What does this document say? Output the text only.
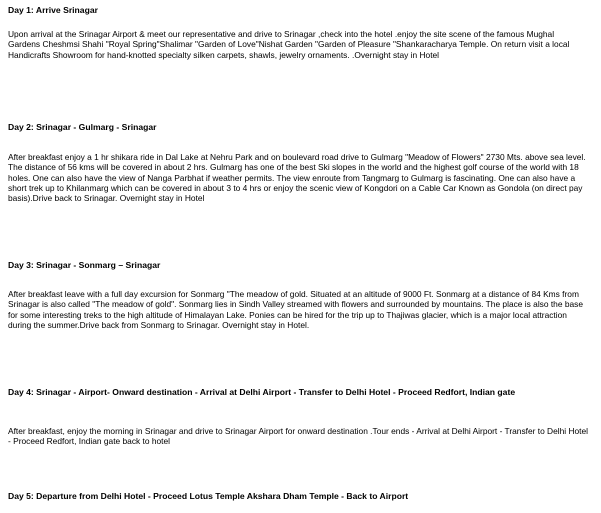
Day 1: Arrive Srinagar
Upon arrival at the Srinagar Airport & meet our representative and drive to Srinagar ,check into the hotel .enjoy the site scene of the famous Mughal Gardens Cheshmsi Shahi "Royal Spring"Shalimar "Garden of Love"Nishat Garden "Garden of Pleasure "Shankaracharya Temple. On return visit a local Handicrafts Showroom for hand-knotted specialty silken carpets, shawls, jewelry ornaments. .Overnight stay in Hotel
Day 2: Srinagar - Gulmarg - Srinagar
After breakfast enjoy a 1 hr shikara ride in Dal Lake at Nehru Park and on boulevard road drive to Gulmarg "Meadow of Flowers" 2730 Mts. above sea level. The distance of 56 kms will be covered in about 2 hrs. Gulmarg has one of the best Ski slopes in the world and the highest golf course of the world with 18 holes. One can also have the view of Nanga Parbhat if weather permits. The view enroute from Tangmarg to Gulmarg is fascinating. One can also have a short trek up to Khilanmarg which can be covered in about 3 to 4 hrs or enjoy the scenic view of Kongdori on a Cable Car Known as Gondola (on direct pay basis).Drive back to Srinagar. Overnight stay in Hotel
Day 3: Srinagar - Sonmarg – Srinagar
After breakfast leave with a full day excursion for Sonmarg "The meadow of gold. Situated at an altitude of 9000 Ft. Sonmarg at a distance of 84 Kms from Srinagar is also called "The meadow of gold". Sonmarg lies in Sindh Valley streamed with flowers and surrounded by mountains. The place is also the base for some interesting treks to the high altitude of Himalayan Lake. Ponies can be hired for the trip up to Thajiwas glacier, which is a major local attraction during the summer.Drive back from Sonmarg to Srinagar. Overnight stay in Hotel.
Day 4: Srinagar - Airport- Onward destination - Arrival at Delhi Airport - Transfer to Delhi Hotel - Proceed Redfort, Indian gate
After breakfast, enjoy the morning in Srinagar and drive to Srinagar Airport for onward destination .Tour ends - Arrival at Delhi Airport - Transfer to Delhi Hotel - Proceed Redfort, Indian gate back to hotel
Day 5: Departure from Delhi Hotel - Proceed Lotus Temple Akshara Dham Temple - Back to Airport
